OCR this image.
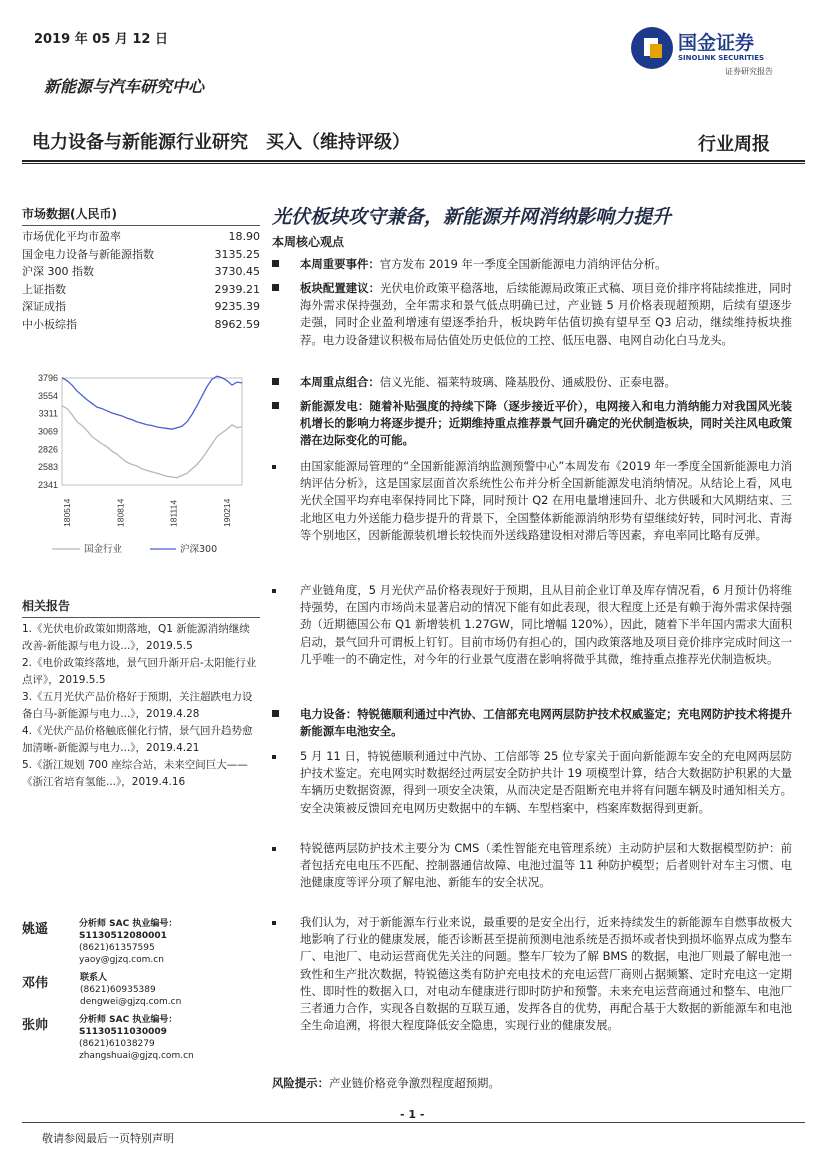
2019 年 05 月 12 日
新能源与汽车研究中心
国金证券
SINOLINK SECURITIES
证券研究报告
电力设备与新能源行业研究　买入（维持评级）	行业周报
市场数据(人民币)
市场优化平均市盈率	18.90
国金电力设备与新能源指数	3135.25
沪深 300 指数	3730.45
上证指数	2939.21
深证成指	9235.39
中小板综指	8962.59
3796
3554
3311
3069
2826
2583
2341
180514	180814	181114	190214
国金行业	沪深300
相关报告
1.《光伏电价政策如期落地，Q1 新能源消纳继续改善-新能源与电力设...》，2019.5.5
2.《电价政策终落地，景气回升渐开启-太阳能行业点评》，2019.5.5
3.《五月光伏产品价格好于预期，关注超跌电力设备白马-新能源与电力...》，2019.4.28
4.《光伏产品价格触底催化行情，景气回升趋势愈加清晰-新能源与电力...》，2019.4.21
5.《浙江规划 700 座综合站，未来空间巨大——《浙江省培育氢能...》，2019.4.16
姚遥	分析师 SAC 执业编号：S1130512080001
(8621)61357595
yaoy@gjzq.com.cn
邓伟	联系人
(8621)60935389
dengwei@gjzq.com.cn
张帅	分析师 SAC 执业编号：S1130511030009
(8621)61038279
zhangshuai@gjzq.com.cn
光伏板块攻守兼备，新能源并网消纳影响力提升
本周核心观点
本周重要事件：官方发布 2019 年一季度全国新能源电力消纳评估分析。
板块配置建议：光伏电价政策平稳落地，后续能源局政策正式稿、项目竞价排序将陆续推进，同时海外需求保持强劲，全年需求和景气低点明确已过，产业链 5 月价格表现超预期，后续有望逐步走强，同时企业盈利增速有望逐季抬升，板块跨年估值切换有望早至 Q3 启动，继续维持板块推荐。电力设备建议积极布局估值处历史低位的工控、低压电器、电网自动化白马龙头。
本周重点组合：信义光能、福莱特玻璃、隆基股份、通威股份、正泰电器。
新能源发电：随着补贴强度的持续下降（逐步接近平价），电网接入和电力消纳能力对我国风光装机增长的影响力将逐步提升；近期维持重点推荐景气回升确定的光伏制造板块，同时关注风电政策潜在边际变化的可能。
由国家能源局管理的“全国新能源消纳监测预警中心”本周发布《2019 年一季度全国新能源电力消纳评估分析》，这是国家层面首次系统性公布并分析全国新能源发电消纳情况。从结论上看，风电光伏全国平均弃电率保持同比下降，同时预计 Q2 在用电量增速回升、北方供暖和大风期结束、三北地区电力外送能力稳步提升的背景下，全国整体新能源消纳形势有望继续好转，同时河北、青海等个别地区，因新能源装机增长较快而外送线路建设相对滞后等因素，弃电率同比略有反弹。
产业链角度，5 月光伏产品价格表现好于预期，且从目前企业订单及库存情况看，6 月预计仍将维持强势，在国内市场尚未显著启动的情况下能有如此表现，很大程度上还是有赖于海外需求保持强劲（近期德国公布 Q1 新增装机 1.27GW，同比增幅 120%），因此，随着下半年国内需求大面积启动，景气回升可谓板上钉钉。目前市场仍有担心的，国内政策落地及项目竞价排序完成时间这一几乎唯一的不确定性，对今年的行业景气度潜在影响将微乎其微，维持重点推荐光伏制造板块。
电力设备：特锐德顺利通过中汽协、工信部充电网两层防护技术权威鉴定；充电网防护技术将提升新能源车电池安全。
5 月 11 日，特锐德顺利通过中汽协、工信部等 25 位专家关于面向新能源车安全的充电网两层防护技术鉴定。充电网实时数据经过两层安全防护共计 19 项模型计算，结合大数据防护积累的大量车辆历史数据资源，得到一项安全决策，从而决定是否阻断充电并将有问题车辆及时通知相关方。安全决策被反馈回充电网历史数据中的车辆、车型档案中，档案库数据得到更新。
特锐德两层防护技术主要分为 CMS（柔性智能充电管理系统）主动防护层和大数据模型防护：前者包括充电电压不匹配、控制器通信故障、电池过温等 11 种防护模型；后者则针对车主习惯、电池健康度等评分项了解电池、新能车的安全状况。
我们认为，对于新能源车行业来说，最重要的是安全出行，近来持续发生的新能源车自燃事故极大地影响了行业的健康发展，能否诊断甚至提前预测电池系统是否损坏或者快到损坏临界点成为整车厂、电池厂、电动运营商优先关注的问题。整车厂较为了解 BMS 的数据，电池厂则最了解电池一致性和生产批次数据，特锐德这类有防护充电技术的充电运营厂商则占据频繁、定时充电这一定期性、即时性的数据入口，对电动车健康进行即时防护和预警。未来充电运营商通过和整车、电池厂三者通力合作，实现各自数据的互联互通，发挥各自的优势，再配合基于大数据的新能源车和电池全生命追溯，将很大程度降低安全隐患，实现行业的健康发展。
风险提示：产业链价格竞争激烈程度超预期。
- 1 -
敬请参阅最后一页特别声明
